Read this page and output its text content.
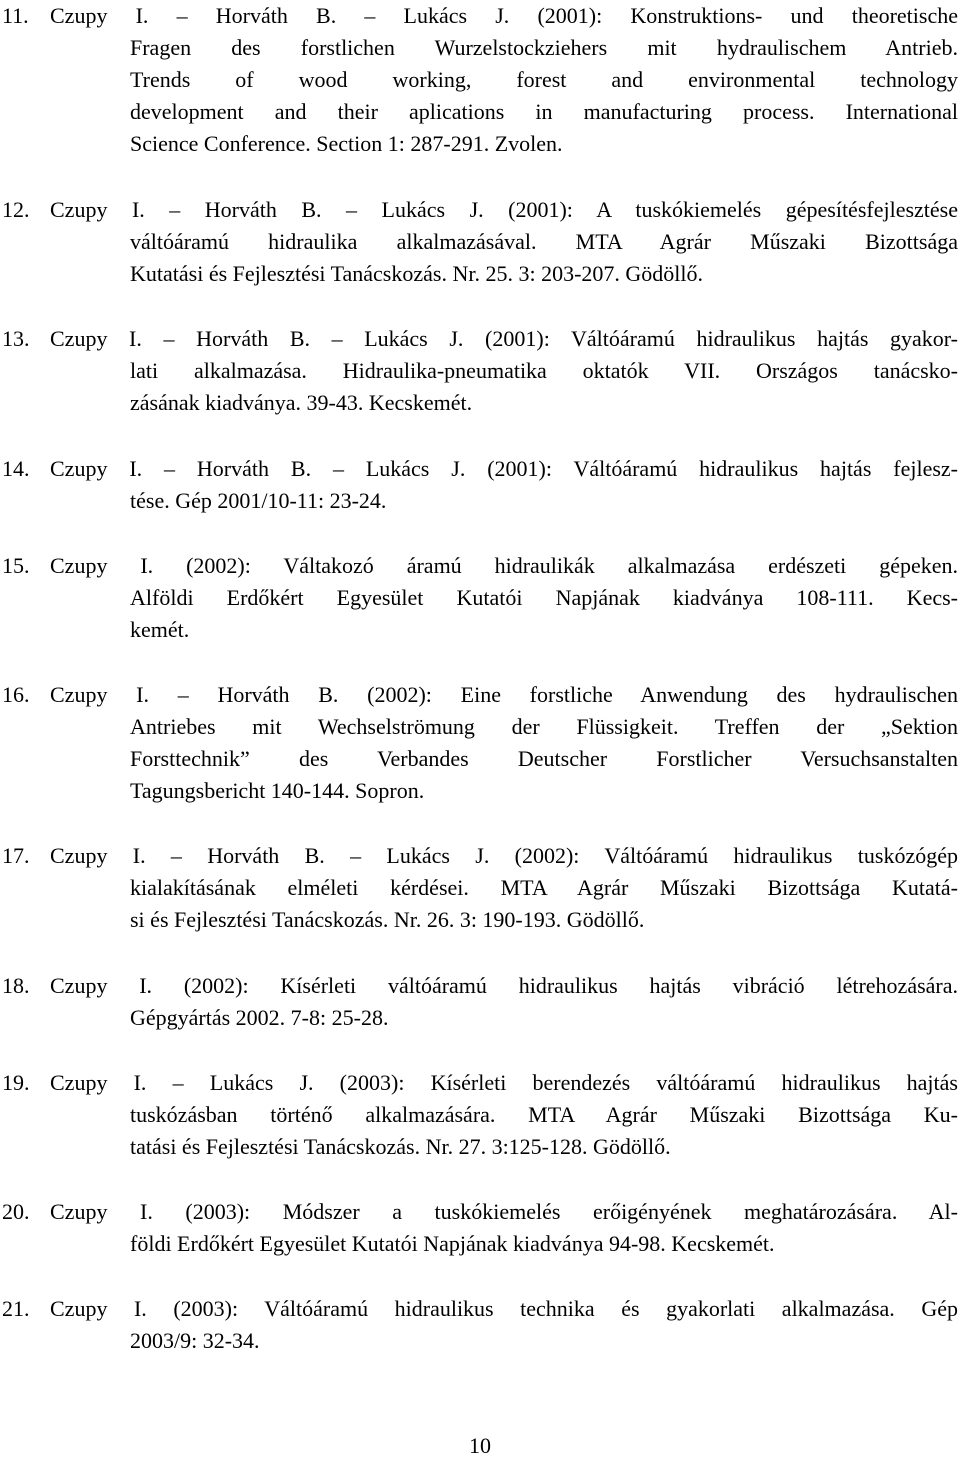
11. Czupy I. – Horváth B. – Lukács J. (2001): Konstruktions- und theoretische
Fragen des forstlichen Wurzelstockziehers mit hydraulischem Antrieb.
Trends of wood working, forest and environmental technology
development and their aplications in manufacturing process. International
Science Conference. Section 1: 287-291. Zvolen.
12. Czupy I. – Horváth B. – Lukács J. (2001): A tuskókiemelés gépesítésfejlesztése
váltóáramú hidraulika alkalmazásával. MTA Agrár Műszaki Bizottsága
Kutatási és Fejlesztési Tanácskozás. Nr. 25. 3: 203-207. Gödöllő.
13. Czupy I. – Horváth B. – Lukács J. (2001): Váltóáramú hidraulikus hajtás gyakor-
lati alkalmazása. Hidraulika-pneumatika oktatók VII. Országos tanácsko-
zásának kiadványa. 39-43. Kecskemét.
14. Czupy I. – Horváth B. – Lukács J. (2001): Váltóáramú hidraulikus hajtás fejlesz-
tése. Gép 2001/10-11: 23-24.
15. Czupy I. (2002): Váltakozó áramú hidraulikák alkalmazása erdészeti gépeken.
Alföldi Erdőkért Egyesület Kutatói Napjának kiadványa 108-111. Kecs-
kemét.
16. Czupy I. – Horváth B. (2002): Eine forstliche Anwendung des hydraulischen
Antriebes mit Wechselströmung der Flüssigkeit. Treffen der „Sektion
Forsttechnik” des Verbandes Deutscher Forstlicher Versuchsanstalten
Tagungsbericht 140-144. Sopron.
17. Czupy I. – Horváth B. – Lukács J. (2002): Váltóáramú hidraulikus tuskózógép
kialakításának elméleti kérdései. MTA Agrár Műszaki Bizottsága Kutatá-
si és Fejlesztési Tanácskozás. Nr. 26. 3: 190-193. Gödöllő.
18. Czupy I. (2002): Kísérleti váltóáramú hidraulikus hajtás vibráció létrehozására.
Gépgyártás 2002. 7-8: 25-28.
19. Czupy I. – Lukács J. (2003): Kísérleti berendezés váltóáramú hidraulikus hajtás
tuskózásban történő alkalmazására. MTA Agrár Műszaki Bizottsága Ku-
tatási és Fejlesztési Tanácskozás. Nr. 27. 3:125-128. Gödöllő.
20. Czupy I. (2003): Módszer a tuskókiemelés erőigényének meghatározására. Al-
földi Erdőkért Egyesület Kutatói Napjának kiadványa 94-98. Kecskemét.
21. Czupy I. (2003): Váltóáramú hidraulikus technika és gyakorlati alkalmazása. Gép
2003/9: 32-34.
10
